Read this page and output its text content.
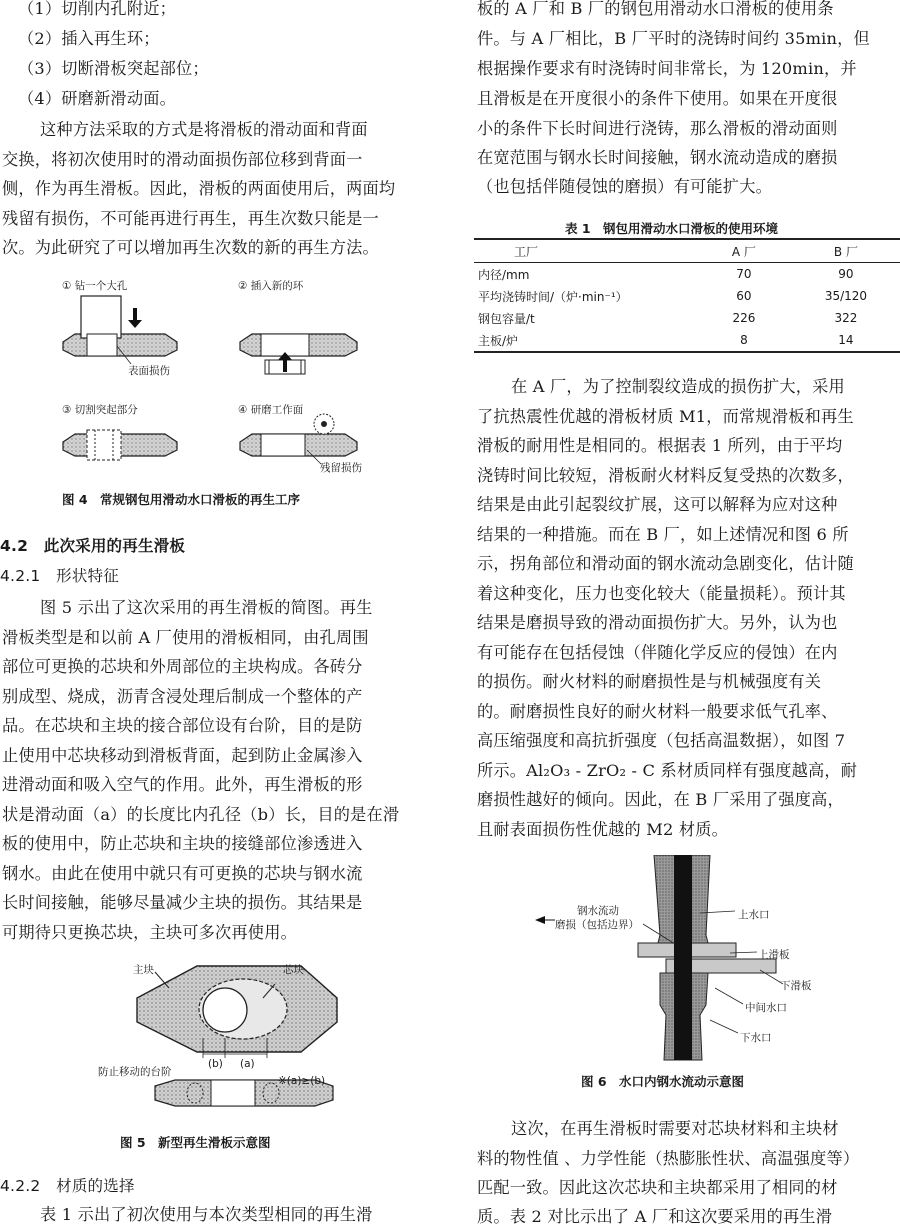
（1）切削内孔附近；
（2）插入再生环；
（3）切断滑板突起部位；
（4）研磨新滑动面。
这种方法采取的方式是将滑板的滑动面和背面
交换，将初次使用时的滑动面损伤部位移到背面一
侧，作为再生滑板。因此，滑板的两面使用后，两面均
残留有损伤，不可能再进行再生，再生次数只能是一
次。为此研究了可以增加再生次数的新的再生方法。
① 钻一个大孔	② 插入新的环
③ 切割突起部分	④ 研磨工作面
表面损伤
残留损伤
图 4　常规钢包用滑动水口滑板的再生工序
4.2　此次采用的再生滑板
4.2.1　形状特征
图 5 示出了这次采用的再生滑板的简图。再生
滑板类型是和以前 A 厂使用的滑板相同，由孔周围
部位可更换的芯块和外周部位的主块构成。各砖分
别成型、烧成，沥青含浸处理后制成一个整体的产
品。在芯块和主块的接合部位设有台阶，目的是防
止使用中芯块移动到滑板背面，起到防止金属渗入
进滑动面和吸入空气的作用。此外，再生滑板的形
状是滑动面（a）的长度比内孔径（b）长，目的是在滑
板的使用中，防止芯块和主块的接缝部位渗透进入
钢水。由此在使用中就只有可更换的芯块与钢水流
长时间接触，能够尽量减少主块的损伤。其结果是
可期待只更换芯块，主块可多次再使用。
主块	芯块
(b) (a)
防止移动的台阶
※(a)≥(b)
图 5　新型再生滑板示意图
4.2.2　材质的选择
表 1 示出了初次使用与本次类型相同的再生滑
板的 A 厂和 B 厂的钢包用滑动水口滑板的使用条
件。与 A 厂相比，B 厂平时的浇铸时间约 35min，但
根据操作要求有时浇铸时间非常长，为 120min，并
且滑板是在开度很小的条件下使用。如果在开度很
小的条件下长时间进行浇铸，那么滑板的滑动面则
在宽范围与钢水长时间接触，钢水流动造成的磨损
（也包括伴随侵蚀的磨损）有可能扩大。
表 1　钢包用滑动水口滑板的使用环境
工厂	A 厂	B 厂
内径/mm	70	90
平均浇铸时间/（炉·min⁻¹）	60	35/120
钢包容量/t	226	322
主板/炉	8	14
在 A 厂，为了控制裂纹造成的损伤扩大，采用
了抗热震性优越的滑板材质 M1，而常规滑板和再生
滑板的耐用性是相同的。根据表 1 所列，由于平均
浇铸时间比较短，滑板耐火材料反复受热的次数多，
结果是由此引起裂纹扩展，这可以解释为应对这种
结果的一种措施。而在 B 厂，如上述情况和图 6 所
示，拐角部位和滑动面的钢水流动急剧变化，估计随
着这种变化，压力也变化较大（能量损耗）。预计其
结果是磨损导致的滑动面损伤扩大。另外，认为也
有可能存在包括侵蚀（伴随化学反应的侵蚀）在内
的损伤。耐火材料的耐磨损性是与机械强度有关
的。耐磨损性良好的耐火材料一般要求低气孔率、
高压缩强度和高抗折强度（包括高温数据），如图 7
所示。Al₂O₃ - ZrO₂ - C 系材质同样有强度越高，耐
磨损性越好的倾向。因此，在 B 厂采用了强度高，
且耐表面损伤性优越的 M2 材质。
钢水流动
磨损（包括边界）
上水口
上滑板
下滑板
中间水口
下水口
图 6　水口内钢水流动示意图
这次，在再生滑板时需要对芯块材料和主块材
料的物性值 、力学性能（热膨胀性状、高温强度等）
匹配一致。因此这次芯块和主块都采用了相同的材
质。表 2 对比示出了 A 厂和这次要采用的再生滑
